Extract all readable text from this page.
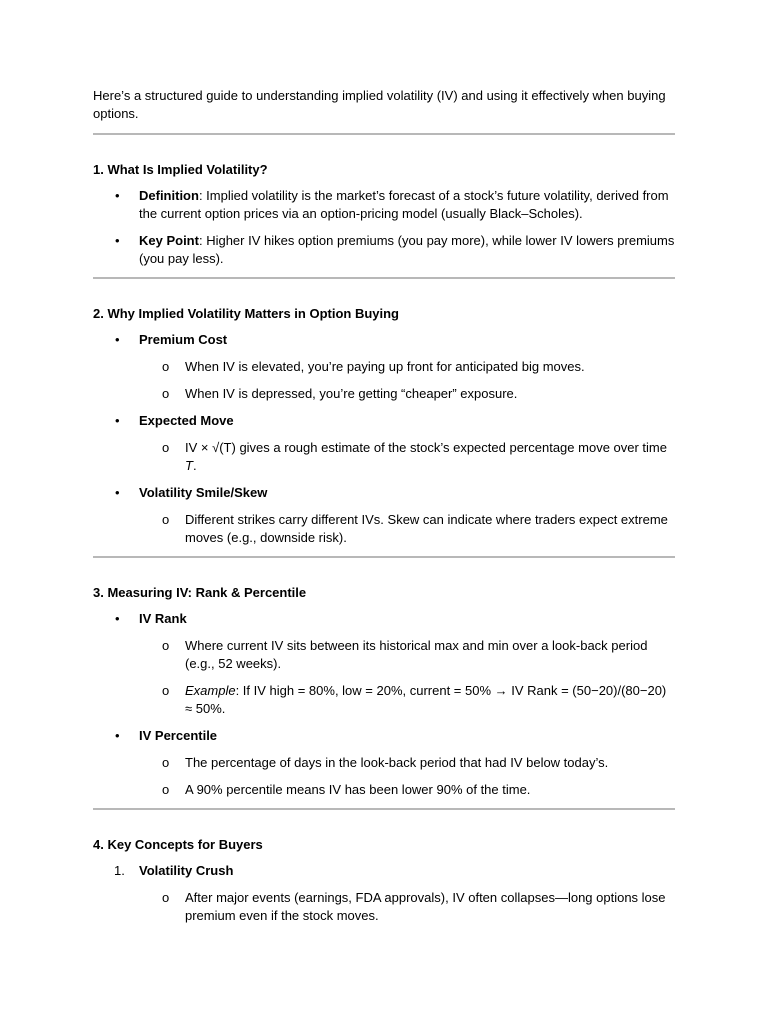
Here’s a structured guide to understanding implied volatility (IV) and using it effectively when buying options.

1. What Is Implied Volatility?

• Definition: Implied volatility is the market’s forecast of a stock’s future volatility, derived from the current option prices via an option-pricing model (usually Black–Scholes).
• Key Point: Higher IV hikes option premiums (you pay more), while lower IV lowers premiums (you pay less).

2. Why Implied Volatility Matters in Option Buying

• Premium Cost
o When IV is elevated, you’re paying up front for anticipated big moves.
o When IV is depressed, you’re getting “cheaper” exposure.
• Expected Move
o IV × √(T) gives a rough estimate of the stock’s expected percentage move over time T.
• Volatility Smile/Skew
o Different strikes carry different IVs. Skew can indicate where traders expect extreme moves (e.g., downside risk).

3. Measuring IV: Rank & Percentile

• IV Rank
o Where current IV sits between its historical max and min over a look-back period (e.g., 52 weeks).
o Example: If IV high = 80%, low = 20%, current = 50% → IV Rank = (50−20)/(80−20) ≈ 50%.
• IV Percentile
o The percentage of days in the look-back period that had IV below today’s.
o A 90% percentile means IV has been lower 90% of the time.

4. Key Concepts for Buyers

1. Volatility Crush
o After major events (earnings, FDA approvals), IV often collapses—long options lose premium even if the stock moves.
